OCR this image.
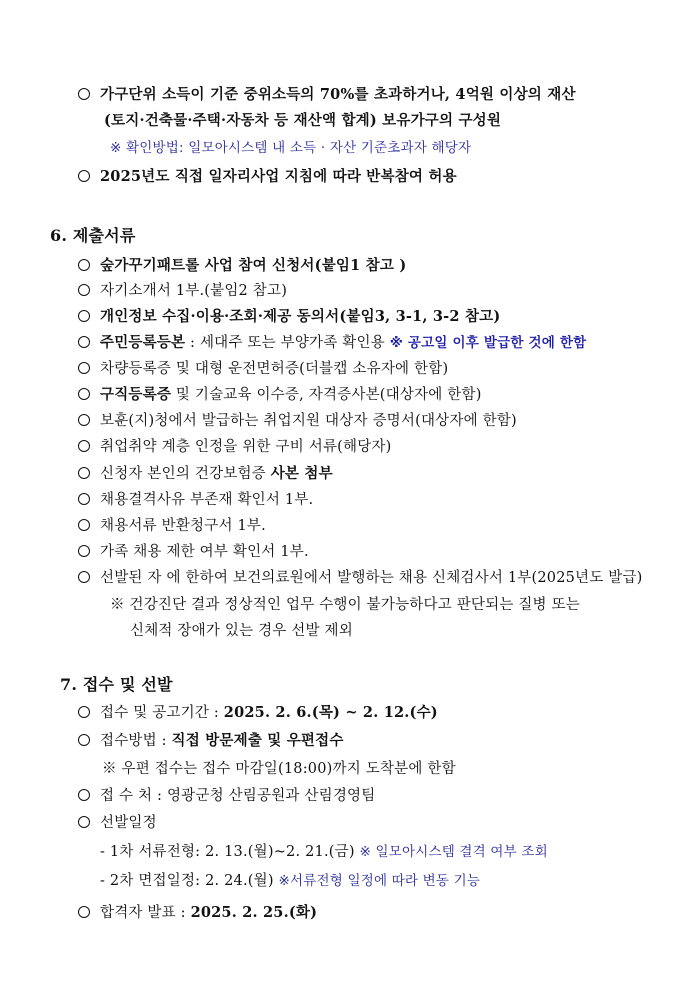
가구단위 소득이 기준 중위소득의 70%를 초과하거나, 4억원 이상의 재산
(토지·건축물·주택·자동차 등 재산액 합계) 보유가구의 구성원
※ 확인방법: 일모아시스템 내 소득 · 자산 기준초과자 해당자
2025년도 직접 일자리사업 지침에 따라 반복참여 허용
6. 제출서류
숲가꾸기패트롤 사업 참여 신청서(붙임1 참고 )
자기소개서 1부.(붙임2 참고)
개인정보 수집·이용·조회·제공 동의서(붙임3, 3-1, 3-2 참고)
주민등록등본 : 세대주 또는 부양가족 확인용 ※ 공고일 이후 발급한 것에 한함
차량등록증 및 대형 운전면허증(더블캡 소유자에 한함)
구직등록증 및 기술교육 이수증, 자격증사본(대상자에 한함)
보훈(지)청에서 발급하는 취업지원 대상자 증명서(대상자에 한함)
취업취약 계층 인정을 위한 구비 서류(해당자)
신청자 본인의 건강보험증 사본 첨부
채용결격사유 부존재 확인서 1부.
채용서류 반환청구서 1부.
가족 채용 제한 여부 확인서 1부.
선발된 자 에 한하여 보건의료원에서 발행하는 채용 신체검사서 1부(2025년도 발급)
※ 건강진단 결과 정상적인 업무 수행이 불가능하다고 판단되는 질병 또는
신체적 장애가 있는 경우 선발 제외
7. 접수 및 선발
접수 및 공고기간 : 2025. 2. 6.(목) ~ 2. 12.(수)
접수방법 : 직접 방문제출 및 우편접수
※ 우편 접수는 접수 마감일(18:00)까지 도착분에 한함
접 수 처 : 영광군청 산림공원과 산림경영팀
선발일정
- 1차 서류전형: 2. 13.(월)~2. 21.(금) ※ 일모아시스템 결격 여부 조회
- 2차 면접일정: 2. 24.(월) ※서류전형 일정에 따라 변동 기능
합격자 발표 : 2025. 2. 25.(화)
